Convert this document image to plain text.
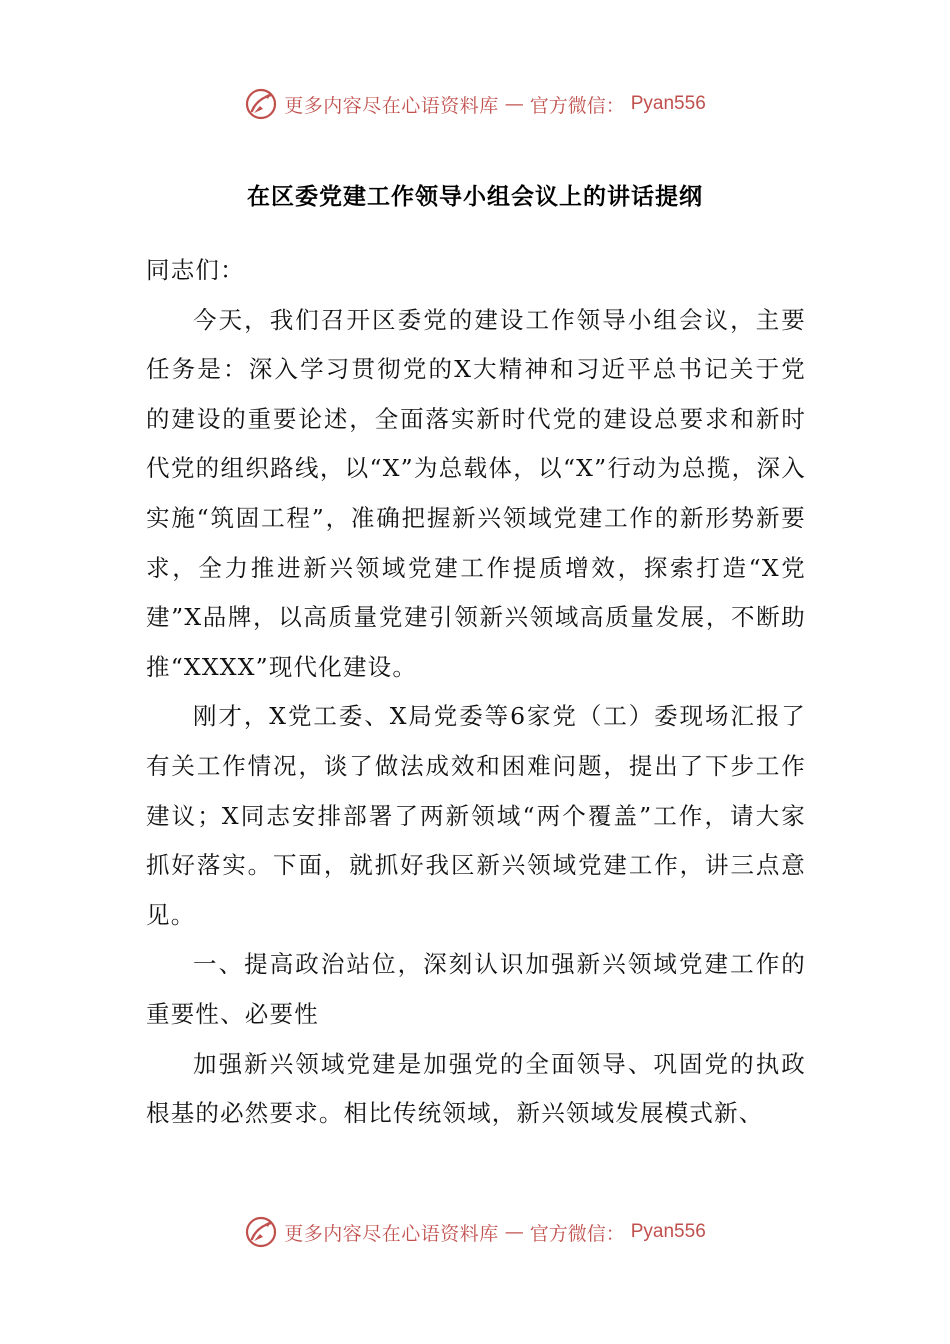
更多内容尽在心语资料库 — 官方微信： Pyan556
在区委党建工作领导小组会议上的讲话提纲

同志们：

今天，我们召开区委党的建设工作领导小组会议，主要任务是：深入学习贯彻党的X大精神和习近平总书记关于党的建设的重要论述，全面落实新时代党的建设总要求和新时代党的组织路线，以“X”为总载体，以“X”行动为总揽，深入实施“筑固工程”，准确把握新兴领域党建工作的新形势新要求，全力推进新兴领域党建工作提质增效，探索打造“X党建”X品牌，以高质量党建引领新兴领域高质量发展，不断助推“XXXX”现代化建设。

刚才，X党工委、X局党委等6家党（工）委现场汇报了有关工作情况，谈了做法成效和困难问题，提出了下步工作建议；X同志安排部署了两新领域“两个覆盖”工作，请大家抓好落实。下面，就抓好我区新兴领域党建工作，讲三点意见。

一、提高政治站位，深刻认识加强新兴领域党建工作的重要性、必要性

加强新兴领域党建是加强党的全面领导、巩固党的执政根基的必然要求。相比传统领域，新兴领域发展模式新、

更多内容尽在心语资料库 — 官方微信： Pyan556
